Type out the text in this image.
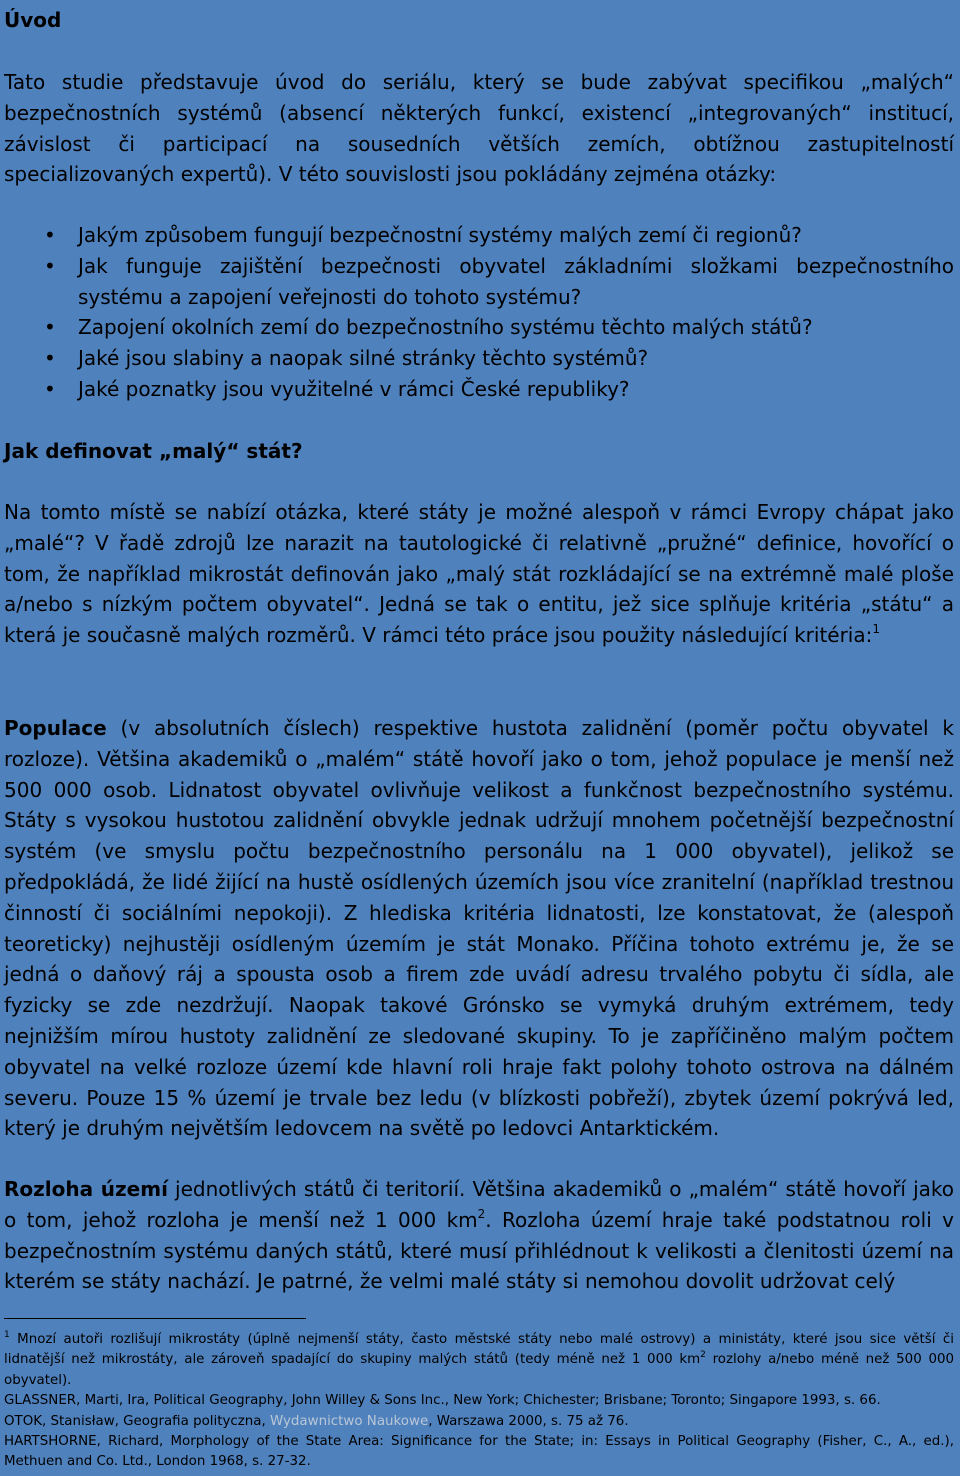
Úvod

Tato studie představuje úvod do seriálu, který se bude zabývat specifikou „malých“ bezpečnostních systémů (absencí některých funkcí, existencí „integrovaných“ institucí, závislost či participací na sousedních větších zemích, obtížnou zastupitelností specializovaných expertů). V této souvislosti jsou pokládány zejména otázky:

• Jakým způsobem fungují bezpečnostní systémy malých zemí či regionů?
• Jak funguje zajištění bezpečnosti obyvatel základními složkami bezpečnostního systému a zapojení veřejnosti do tohoto systému?
• Zapojení okolních zemí do bezpečnostního systému těchto malých států?
• Jaké jsou slabiny a naopak silné stránky těchto systémů?
• Jaké poznatky jsou využitelné v rámci České republiky?
Jak definovat „malý“ stát?

Na tomto místě se nabízí otázka, které státy je možné alespoň v rámci Evropy chápat jako „malé“? V řadě zdrojů lze narazit na tautologické či relativně „pružné“ definice, hovořící o tom, že například mikrostát definován jako „malý stát rozkládající se na extrémně malé ploše a/nebo s nízkým počtem obyvatel“. Jedná se tak o entitu, jež sice splňuje kritéria „státu“ a která je současně malých rozměrů. V rámci této práce jsou použity následující kritéria:$^1$

Populace (v absolutních číslech) respektive hustota zalidnění (poměr počtu obyvatel k rozloze). Většina akademiků o „malém“ státě hovoří jako o tom, jehož populace je menší než 500 000 osob. Lidnatost obyvatel ovlivňuje velikost a funkčnost bezpečnostního systému. Státy s vysokou hustotou zalidnění obvykle jednak udržují mnohem početnější bezpečnostní systém (ve smyslu počtu bezpečnostního personálu na 1 000 obyvatel), jelikož se předpokládá, že lidé žijící na hustě osídlených územích jsou více zranitelní (například trestnou činností či sociálními nepokoji). Z hlediska kritéria lidnatosti, lze konstatovat, že (alespoň teoreticky) nejhustěji osídleným územím je stát Monako. Příčina tohoto extrému je, že se jedná o daňový ráj a spousta osob a firem zde uvádí adresu trvalého pobytu či sídla, ale fyzicky se zde nezdržují. Naopak takové Grónsko se vymyká druhým extrémem, tedy nejnižším mírou hustoty zalidnění ze sledované skupiny. To je zapříčiněno malým počtem obyvatel na velké rozloze území kde hlavní roli hraje fakt polohy tohoto ostrova na dálném severu. Pouze 15 % území je trvale bez ledu (v blízkosti pobřeží), zbytek území pokrývá led, který je druhým největším ledovcem na světě po ledovci Antarktickém.

Rozloha území jednotlivých států či teritorií. Většina akademiků o „malém“ státě hovoří jako o tom, jehož rozloha je menší než 1 000 $km^2$. Rozloha území hraje také podstatnou roli v bezpečnostním systému daných států, které musí přihlédnout k velikosti a členitosti území na kterém se státy nachází. Je patrné, že velmi malé státy si nemohou dovolit udržovat celý

$^1$ Mnozí autoři rozlišují mikrostáty (úplně nejmenší státy, často městské státy nebo malé ostrovy) a ministáty, které jsou sice větší či lidnatější než mikrostáty, ale zároveň spadající do skupiny malých států (tedy méně než 1 000 $km^2$ rozlohy a/nebo méně než 500 000 obyvatel).

GLASSNER, Marti, Ira, Political Geography, John Willey & Sons Inc., New York; Chichester; Brisbane; Toronto; Singapore 1993, s. 66.

OTOK, Stanisław, Geografia polityczna, Wydawnictwo Naukowe, Warszawa 2000, s. 75 až 76.

HARTSHORNE, Richard, Morphology of the State Area: Significance for the State; in: Essays in Political Geography (Fisher, C., A., ed.), Methuen and Co. Ltd., London 1968, s. 27-32.
